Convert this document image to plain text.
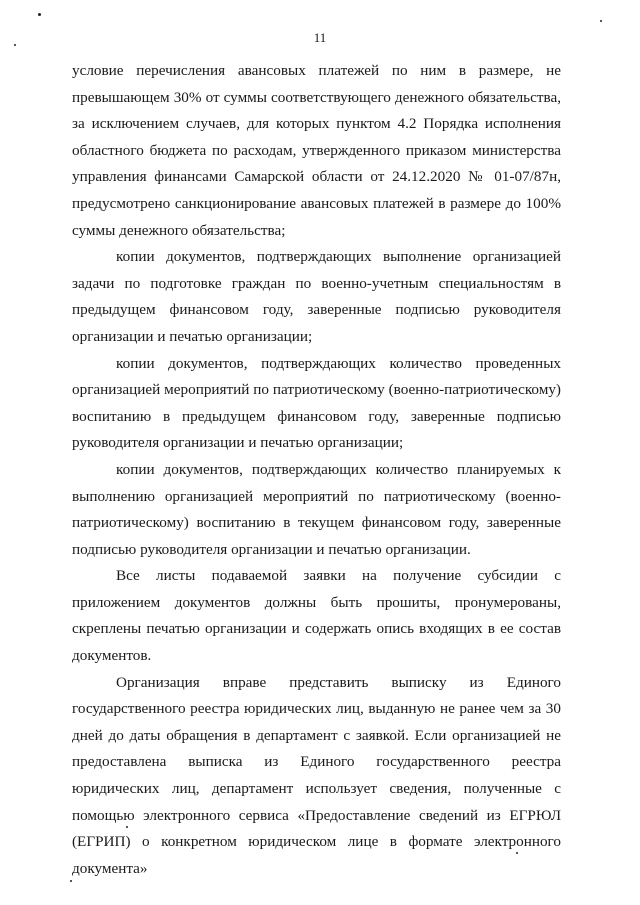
11

условие перечисления авансовых платежей по ним в размере, не превышающем 30% от суммы соответствующего денежного обязательства, за исключением случаев, для которых пунктом 4.2 Порядка исполнения областного бюджета по расходам, утвержденного приказом министерства управления финансами Самарской области от 24.12.2020 № 01-07/87н, предусмотрено санкционирование авансовых платежей в размере до 100% суммы денежного обязательства;

копии документов, подтверждающих выполнение организацией задачи по подготовке граждан по военно-учетным специальностям в предыдущем финансовом году, заверенные подписью руководителя организации и печатью организации;

копии документов, подтверждающих количество проведенных организацией мероприятий по патриотическому (военно-патриотическому) воспитанию в предыдущем финансовом году, заверенные подписью руководителя организации и печатью организации;

копии документов, подтверждающих количество планируемых к выполнению организацией мероприятий по патриотическому (военно-патриотическому) воспитанию в текущем финансовом году, заверенные подписью руководителя организации и печатью организации.

Все листы подаваемой заявки на получение субсидии с приложением документов должны быть прошиты, пронумерованы, скреплены печатью организации и содержать опись входящих в ее состав документов.

Организация вправе представить выписку из Единого государственного реестра юридических лиц, выданную не ранее чем за 30 дней до даты обращения в департамент с заявкой. Если организацией не предоставлена выписка из Единого государственного реестра юридических лиц, департамент использует сведения, полученные с помощью электронного сервиса «Предоставление сведений из ЕГРЮЛ (ЕГРИП) о конкретном юридическом лице в формате электронного документа»
